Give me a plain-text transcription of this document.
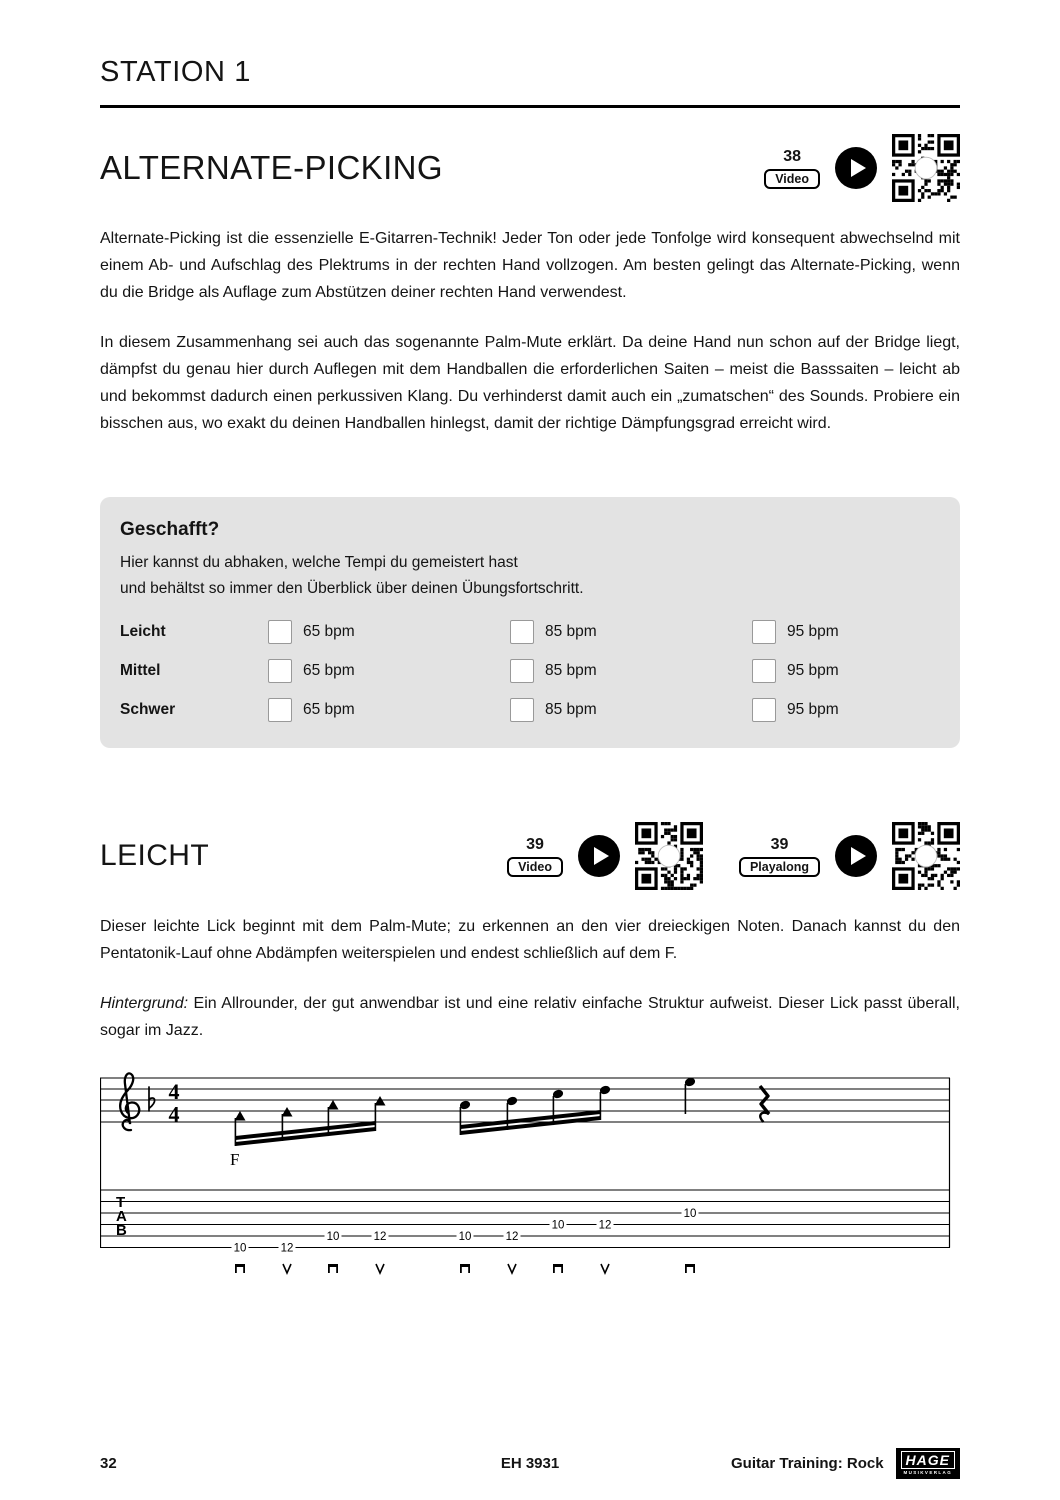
STATION 1
ALTERNATE-PICKING	38
Video

Alternate-Picking ist die essenzielle E-Gitarren-Technik! Jeder Ton oder jede Tonfolge wird konsequent abwechselnd mit einem Ab- und Aufschlag des Plektrums in der rechten Hand vollzogen. Am besten gelingt das Alternate-Picking, wenn du die Bridge als Auflage zum Abstützen deiner rechten Hand verwendest.

In diesem Zusammenhang sei auch das sogenannte Palm-Mute erklärt. Da deine Hand nun schon auf der Bridge liegt, dämpfst du genau hier durch Auflegen mit dem Handballen die erforderlichen Saiten – meist die Basssaiten – leicht ab und bekommst dadurch einen perkussiven Klang. Du verhinderst damit auch ein „zumatschen“ des Sounds. Probiere ein bisschen aus, wo exakt du deinen Handballen hinlegst, damit der richtige Dämpfungsgrad erreicht wird.

Geschafft?
Hier kannst du abhaken, welche Tempi du gemeistert hast
und behältst so immer den Überblick über deinen Übungsfortschritt.
Leicht	65 bpm	85 bpm	95 bpm
Mittel	65 bpm	85 bpm	95 bpm
Schwer	65 bpm	85 bpm	95 bpm
LEICHT	39
Video
39
Playalong

Dieser leichte Lick beginnt mit dem Palm-Mute; zu erkennen an den vier dreieckigen Noten. Danach kannst du den Pentatonik-Lauf ohne Abdämpfen weiterspielen und endest schließlich auf dem F.

Hintergrund: Ein Allrounder, der gut anwendbar ist und eine relativ einfache Struktur aufweist. Dieser Lick passt überall, sogar im Jazz.

4
4
F
T
A
B
10	12
10	12	10	12
10	12
10
32	EH 3931	Guitar Training: Rock	HAGE
MUSIKVERLAG
